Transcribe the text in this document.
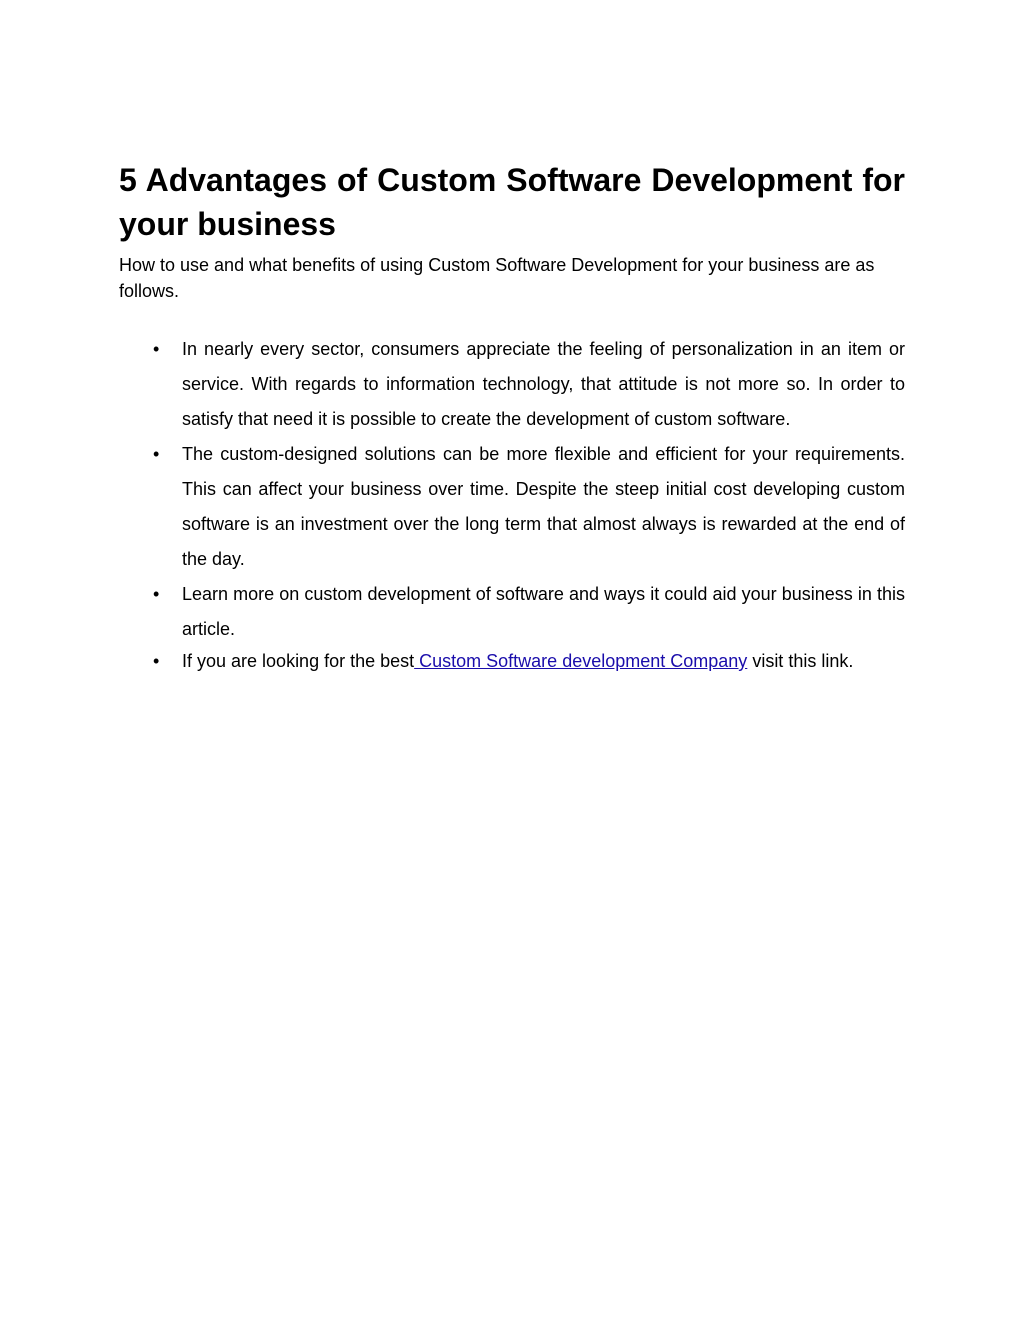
5 Advantages of Custom Software Development for your business

How to use and what benefits of using Custom Software Development for your business are as follows.

• In nearly every sector, consumers appreciate the feeling of personalization in an item or service. With regards to information technology, that attitude is not more so. In order to satisfy that need it is possible to create the development of custom software.
• The custom-designed solutions can be more flexible and efficient for your requirements. This can affect your business over time. Despite the steep initial cost developing custom software is an investment over the long term that almost always is rewarded at the end of the day.
• Learn more on custom development of software and ways it could aid your business in this article.
• If you are looking for the best Custom Software development Company visit this link.
